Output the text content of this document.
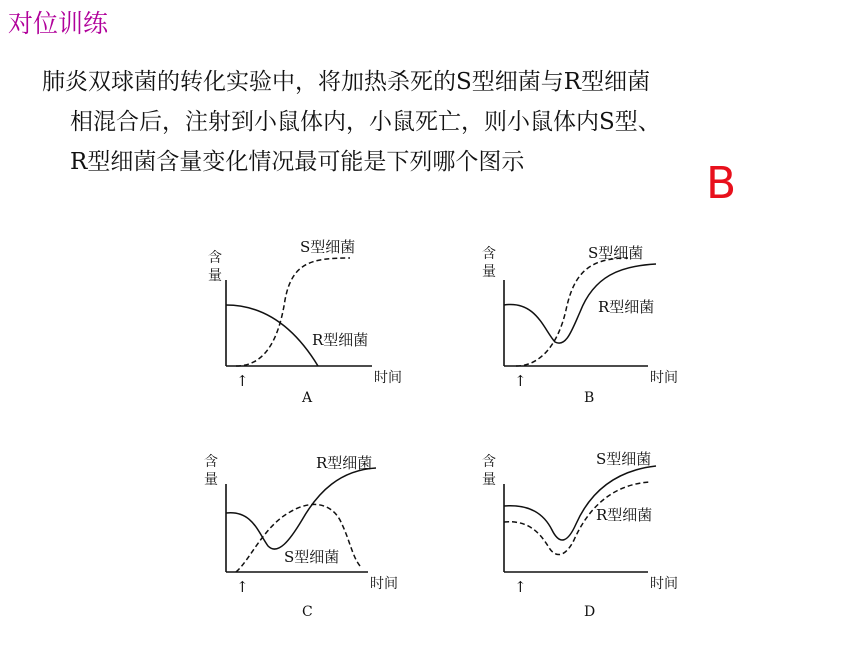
对位训练
肺炎双球菌的转化实验中，将加热杀死的S型细菌与R型细菌
相混合后，注射到小鼠体内，小鼠死亡，则小鼠体内S型、
R型细菌含量变化情况最可能是下列哪个图示	B
含
量
时间
↑
S型细菌
R型细菌
A
含
量
时间
↑
S型细菌
R型细菌
B
含
量
时间
↑
S型细菌
R型细菌
C
含
量
时间
↑
S型细菌
R型细菌
D
